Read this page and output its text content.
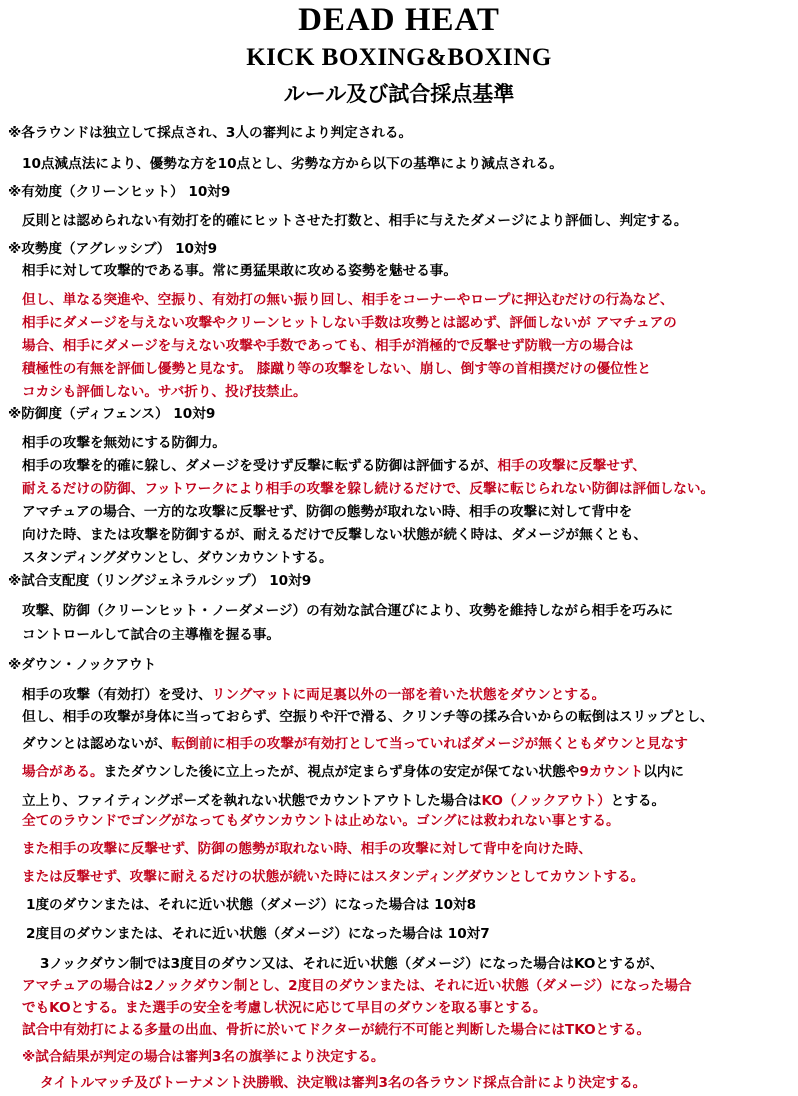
DEAD HEAT
KICK BOXING&BOXING
ルール及び試合採点基準
※各ラウンドは独立して採点され、3人の審判により判定される。
10点減点法により、優勢な方を10点とし、劣勢な方から以下の基準により減点される。
※有効度（クリーンヒット） 10対9
反則とは認められない有効打を的確にヒットさせた打数と、相手に与えたダメージにより評価し、判定する。
※攻勢度（アグレッシブ） 10対9
相手に対して攻撃的である事。常に勇猛果敢に攻める姿勢を魅せる事。
但し、単なる突進や、空振り、有効打の無い振り回し、相手をコーナーやロープに押込むだけの行為など、
相手にダメージを与えない攻撃やクリーンヒットしない手数は攻勢とは認めず、評価しないが アマチュアの
場合、相手にダメージを与えない攻撃や手数であっても、相手が消極的で反撃せず防戦一方の場合は
積極性の有無を評価し優勢と見なす。 膝蹴り等の攻撃をしない、崩し、倒す等の首相撲だけの優位性と
コカシも評価しない。サバ折り、投げ技禁止。
※防御度（ディフェンス） 10対9
相手の攻撃を無効にする防御力。
相手の攻撃を的確に躱し、ダメージを受けず反撃に転ずる防御は評価するが、相手の攻撃に反撃せず、
耐えるだけの防御、フットワークにより相手の攻撃を躱し続けるだけで、反撃に転じられない防御は評価しない。
アマチュアの場合、一方的な攻撃に反撃せず、防御の態勢が取れない時、相手の攻撃に対して背中を
向けた時、または攻撃を防御するが、耐えるだけで反撃しない状態が続く時は、ダメージが無くとも、
スタンディングダウンとし、ダウンカウントする。
※試合支配度（リングジェネラルシップ） 10対9
攻撃、防御（クリーンヒット・ノーダメージ）の有効な試合運びにより、攻勢を維持しながら相手を巧みに
コントロールして試合の主導権を握る事。
※ダウン・ノックアウト
相手の攻撃（有効打）を受け、リングマットに両足裏以外の一部を着いた状態をダウンとする。
但し、相手の攻撃が身体に当っておらず、空振りや汗で滑る、クリンチ等の揉み合いからの転倒はスリップとし、
ダウンとは認めないが、転倒前に相手の攻撃が有効打として当っていればダメージが無くともダウンと見なす
場合がある。またダウンした後に立上ったが、視点が定まらず身体の安定が保てない状態や9カウント以内に
立上り、ファイティングポーズを執れない状態でカウントアウトした場合はKO（ノックアウト）とする。
全てのラウンドでゴングがなってもダウンカウントは止めない。ゴングには救われない事とする。
また相手の攻撃に反撃せず、防御の態勢が取れない時、相手の攻撃に対して背中を向けた時、
または反撃せず、攻撃に耐えるだけの状態が続いた時にはスタンディングダウンとしてカウントする。
1度のダウンまたは、それに近い状態（ダメージ）になった場合は 10対8
2度目のダウンまたは、それに近い状態（ダメージ）になった場合は 10対7
3ノックダウン制では3度目のダウン又は、それに近い状態（ダメージ）になった場合はKOとするが、
アマチュアの場合は2ノックダウン制とし、2度目のダウンまたは、それに近い状態（ダメージ）になった場合
でもKOとする。また選手の安全を考慮し状況に応じて早目のダウンを取る事とする。
試合中有効打による多量の出血、骨折に於いてドクターが続行不可能と判断した場合にはTKOとする。
※試合結果が判定の場合は審判3名の旗挙により決定する。
タイトルマッチ及びトーナメント決勝戦、決定戦は審判3名の各ラウンド採点合計により決定する。
